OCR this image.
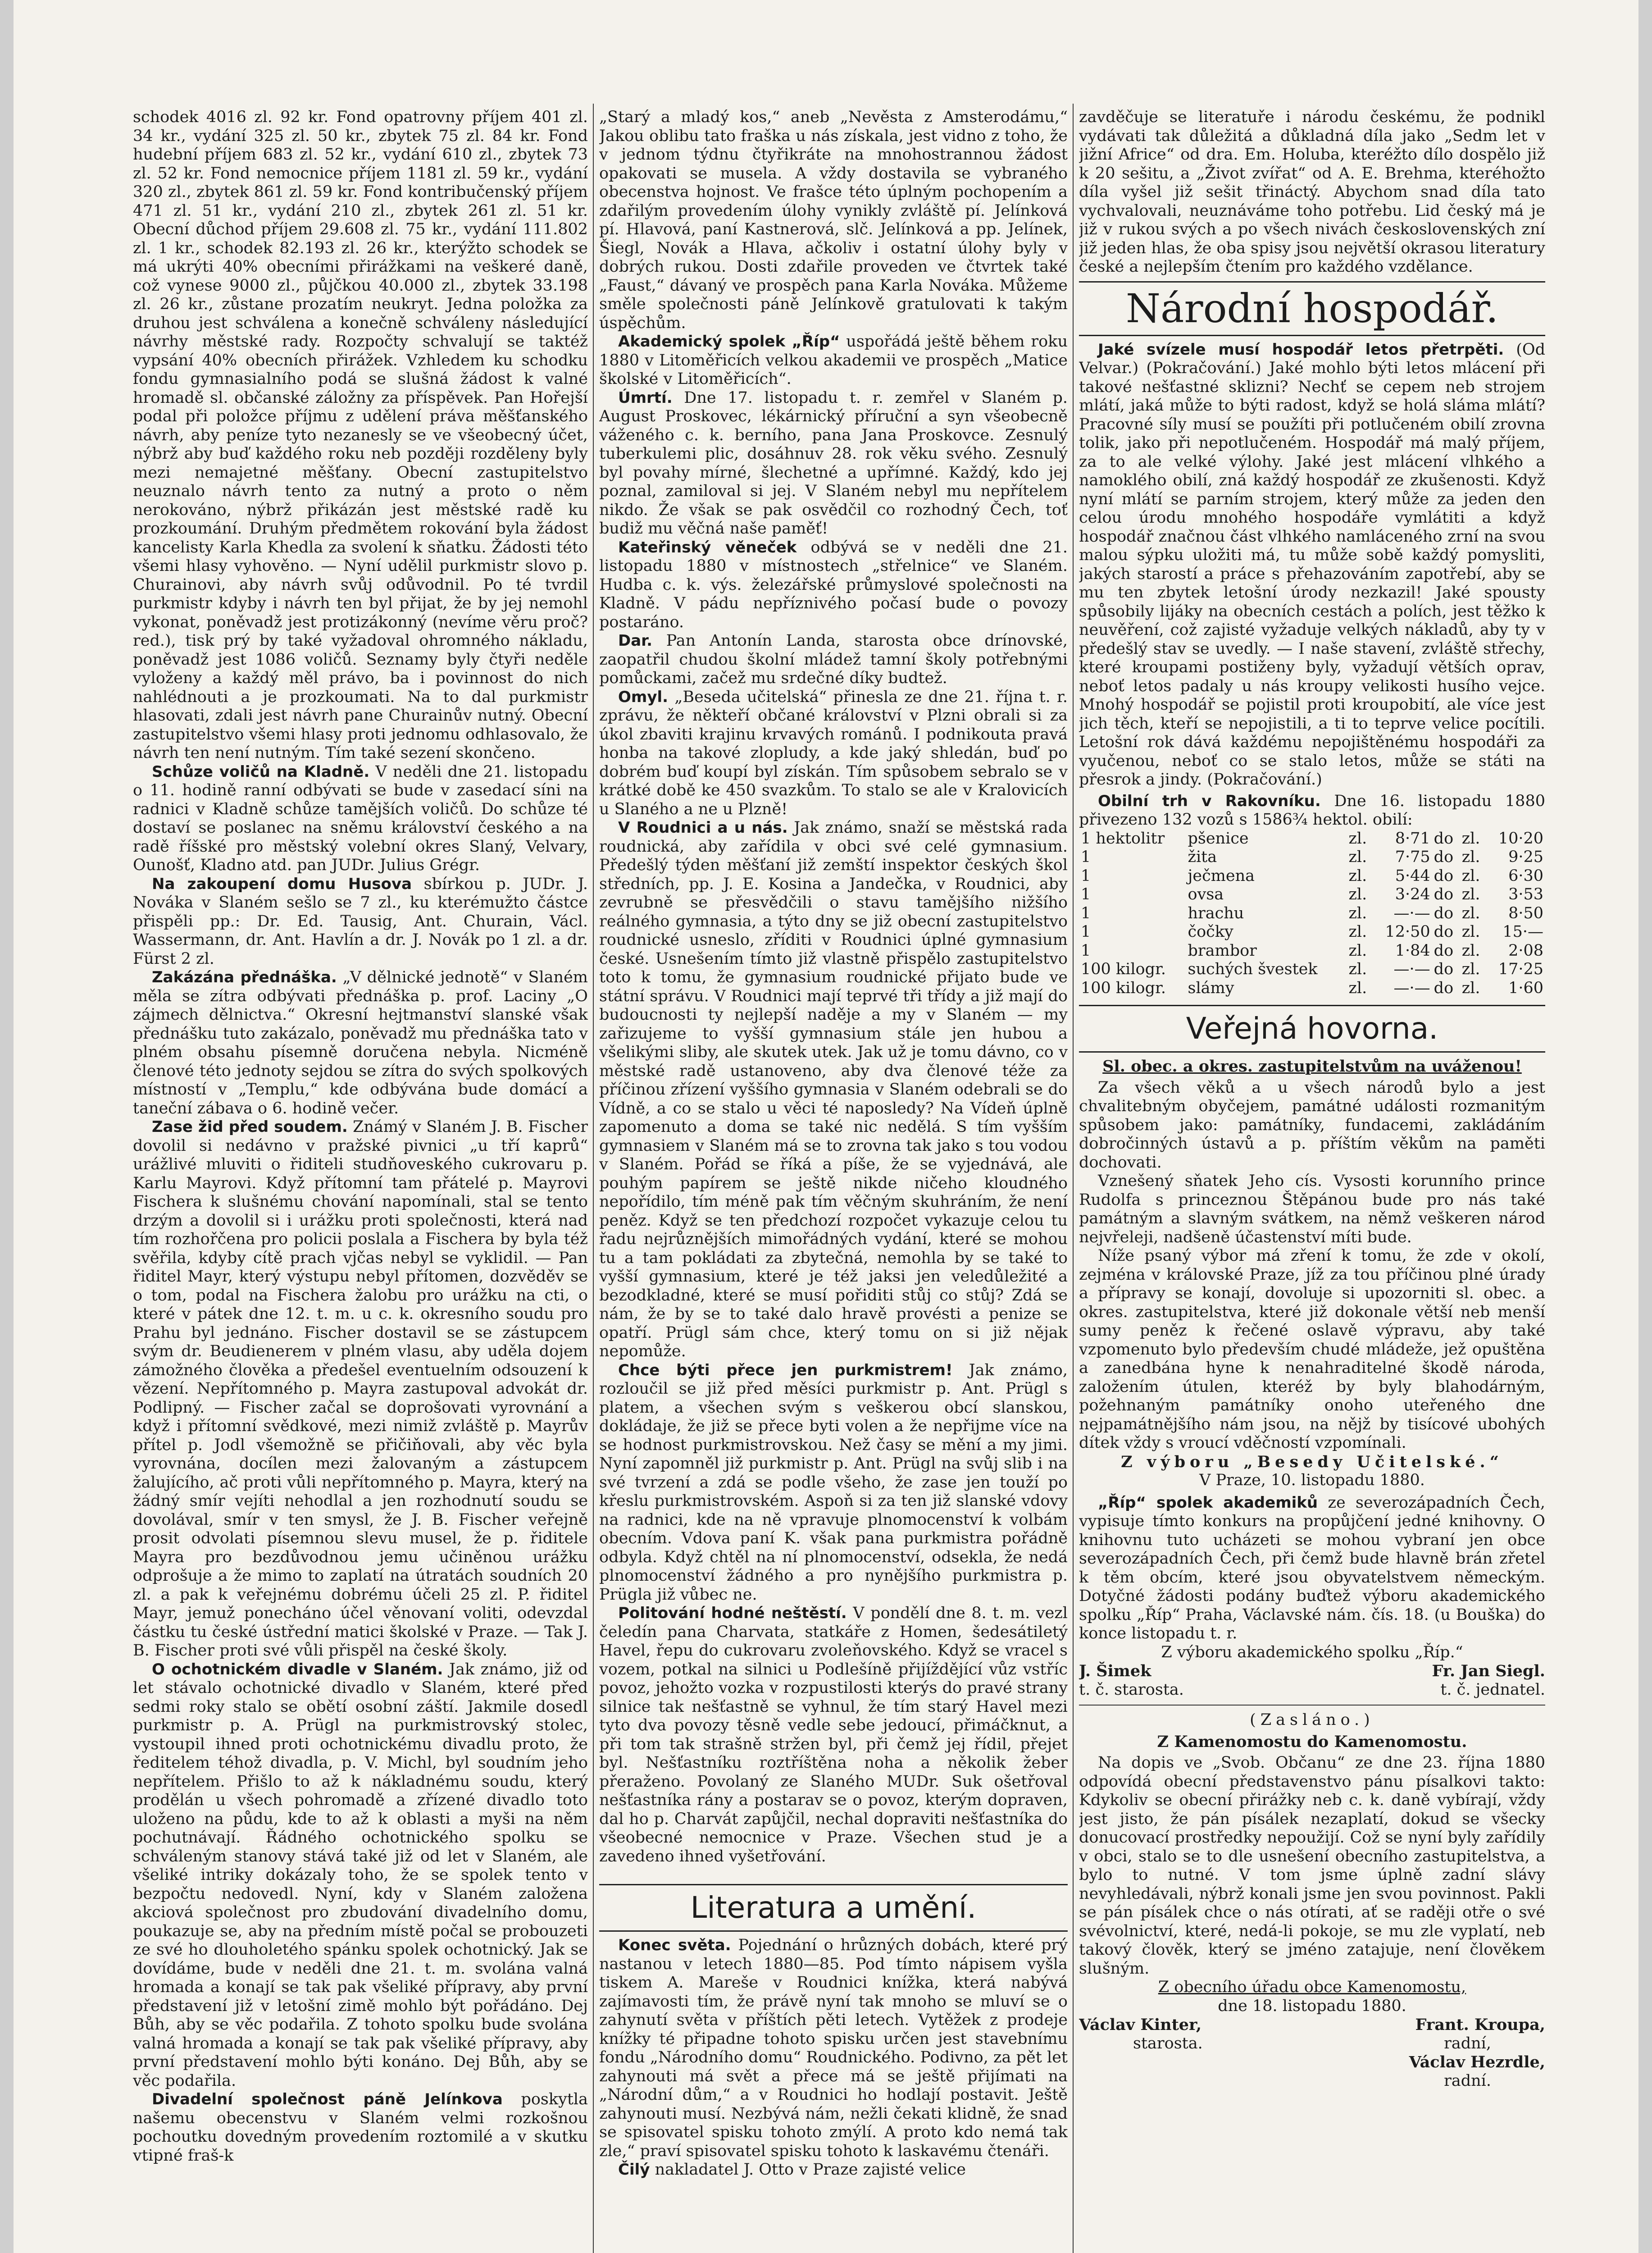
schodek 4016 zl. 92 kr. Fond opatrovny příjem 401 zl. 34 kr., vydání 325 zl. 50 kr., zbytek 75 zl. 84 kr. Fond hudební příjem 683 zl. 52 kr., vydání 610 zl., zbytek 73 zl. 52 kr. Fond nemocnice příjem 1181 zl. 59 kr., vydání 320 zl., zbytek 861 zl. 59 kr. Fond kontribučenský příjem 471 zl. 51 kr., vydání 210 zl., zbytek 261 zl. 51 kr. Obecní důchod příjem 29.608 zl. 75 kr., vydání 111.802 zl. 1 kr., schodek 82.193 zl. 26 kr., kterýžto schodek se má ukrýti 40% obecními přirážkami na veškeré daně, což vynese 9000 zl., půjčkou 40.000 zl., zbytek 33.198 zl. 26 kr., zůstane prozatím neukryt. Jedna položka za druhou jest schválena a konečně schváleny následující návrhy městské rady. Rozpočty schvalují se taktéž vypsání 40% obecních přirážek. Vzhledem ku schodku fondu gymnasialního podá se slušná žádost k valné hromadě sl. občanské záložny za příspěvek. Pan Hořejší podal při položce příjmu z udělení práva měšťanského návrh, aby peníze tyto nezanesly se ve všeobecný účet, nýbrž aby buď každého roku neb později rozděleny byly mezi nemajetné měšťany. Obecní zastupitelstvo neuznalo návrh tento za nutný a proto o něm nerokováno, nýbrž přikázán jest městské radě ku prozkoumání. Druhým předmětem rokování byla žádost kancelisty Karla Khedla za svolení k sňatku. Žádosti této všemi hlasy vyhověno. — Nyní udělil purkmistr slovo p. Churainovi, aby návrh svůj odůvodnil. Po té tvrdil purkmistr kdyby i návrh ten byl přijat, že by jej nemohl vykonat, poněvadž jest protizákonný (nevíme věru proč? red.), tisk prý by také vyžadoval ohromného nákladu, poněvadž jest 1086 voličů. Seznamy byly čtyři neděle vyloženy a každý měl právo, ba i povinnost do nich nahlédnouti a je prozkoumati. Na to dal purkmistr hlasovati, zdali jest návrh pane Churainův nutný. Obecní zastupitelstvo všemi hlasy proti jednomu odhlasovalo, že návrh ten není nutným. Tím také sezení skončeno.

Schůze voličů na Kladně. V neděli dne 21. listopadu o 11. hodině ranní odbývati se bude v zasedací síni na radnici v Kladně schůze tamějších voličů. Do schůze té dostaví se poslanec na sněmu království českého a na radě říšské pro městský volební okres Slaný, Velvary, Ounošť, Kladno atd. pan JUDr. Julius Grégr.

Na zakoupení domu Husova sbírkou p. JUDr. J. Nováka v Slaném sešlo se 7 zl., ku kterémužto částce přispěli pp.: Dr. Ed. Tausig, Ant. Churain, Václ. Wassermann, dr. Ant. Havlín a dr. J. Novák po 1 zl. a dr. Fürst 2 zl.

Zakázána přednáška. „V dělnické jednotě“ v Slaném měla se zítra odbývati přednáška p. prof. Laciny „O zájmech dělnictva.“ Okresní hejtmanství slanské však přednášku tuto zakázalo, poněvadž mu přednáška tato v plném obsahu písemně doručena nebyla. Nicméně členové této jednoty sejdou se zítra do svých spolkových místností v „Templu,“ kde odbývána bude domácí a taneční zábava o 6. hodině večer.

Zase žid před soudem. Známý v Slaném J. B. Fischer dovolil si nedávno v pražské pivnici „u tří kaprů“ urážlivé mluviti o řiditeli studňoveského cukrovaru p. Karlu Mayrovi. Když přítomní tam přátelé p. Mayrovi Fischera k slušnému chování napomínali, stal se tento drzým a dovolil si i urážku proti společnosti, která nad tím rozhořčena pro policii poslala a Fischera by byla též svěřila, kdyby cítě prach vjčas nebyl se vyklidil. — Pan řiditel Mayr, který výstupu nebyl přítomen, dozvěděv se o tom, podal na Fischera žalobu pro urážku na cti, o které v pátek dne 12. t. m. u c. k. okresního soudu pro Prahu byl jednáno. Fischer dostavil se se zástupcem svým dr. Beudienerem v plném vlasu, aby uděla dojem zámožného člověka a předešel eventuelním odsouzení k vězení. Nepřítomného p. Mayra zastupoval advokát dr. Podlipný. — Fischer začal se doprošovati vyrovnání a když i přítomní svědkové, mezi nimiž zvláště p. Mayrův přítel p. Jodl všemožně se přičiňovali, aby věc byla vyrovnána, docílen mezi žalovaným a zástupcem žalujícího, ač proti vůli nepřítomného p. Mayra, který na žádný smír vejíti nehodlal a jen rozhodnutí soudu se dovolával, smír v ten smysl, že J. B. Fischer veřejně prosit odvolati písemnou slevu musel, že p. řiditele Mayra pro bezdůvodnou jemu učiněnou urážku odprošuje a že mimo to zaplatí na útratách soudních 20 zl. a pak k veřejnému dobrému účeli 25 zl. P. řiditel Mayr, jemuž ponecháno účel věnovaní voliti, odevzdal částku tu české ústřední matici školské v Praze. — Tak J. B. Fischer proti své vůli přispěl na české školy.

O ochotnickém divadle v Slaném. Jak známo, již od let stávalo ochotnické divadlo v Slaném, které před sedmi roky stalo se obětí osobní záští. Jakmile dosedl purkmistr p. A. Prügl na purkmistrovský stolec, vystoupil ihned proti ochotnickému divadlu proto, že ředitelem téhož divadla, p. V. Michl, byl soudním jeho nepřítelem. Přišlo to až k nákladnému soudu, který prodělán u všech pohromadě a zřízené divadlo toto uloženo na půdu, kde to až k oblasti a myši na něm pochutnávají. Řádného ochotnického spolku se schváleným stanovy stává také již od let v Slaném, ale všeliké intriky dokázaly toho, že se spolek tento v bezpočtu nedovedl. Nyní, kdy v Slaném založena akciová společnost pro zbudování divadelního domu, poukazuje se, aby na předním místě počal se probouzeti ze své ho dlouholetého spánku spolek ochotnický. Jak se dovídáme, bude v neděli dne 21. t. m. svolána valná hromada a konají se tak pak všeliké přípravy, aby první představení již v letošní zimě mohlo být pořádáno. Dej Bůh, aby se věc podařila. Z tohoto spolku bude svolána valná hromada a konají se tak pak všeliké přípravy, aby první představení mohlo býti konáno. Dej Bůh, aby se věc podařila.

Divadelní společnost páně Jelínkova poskytla našemu obecenstvu v Slaném velmi rozkošnou pochoutku dovedným provedením roztomilé a v skutku vtipné fraš-k

„Starý a mladý kos,“ aneb „Nevěsta z Amsterodámu,“ Jakou oblibu tato fraška u nás získala, jest vidno z toho, že v jednom týdnu čtyřikráte na mnohostrannou žádost opakovati se musela. A vždy dostavila se vybraného obecenstva hojnost. Ve frašce této úplným pochopením a zdařilým provedením úlohy vynikly zvláště pí. Jelínková pí. Hlavová, paní Kastnerová, slč. Jelínková a pp. Jelínek, Šiegl, Novák a Hlava, ačkoliv i ostatní úlohy byly v dobrých rukou. Dosti zdařile proveden ve čtvrtek také „Faust,“ dávaný ve prospěch pana Karla Nováka. Můžeme směle společnosti páně Jelínkově gratulovati k takým úspěchům.

Akademický spolek „Říp“ uspořádá ještě během roku 1880 v Litoměřicích velkou akademii ve prospěch „Matice školské v Litoměřicích“.

Úmrtí. Dne 17. listopadu t. r. zemřel v Slaném p. August Proskovec, lékárnický příruční a syn všeobecně váženého c. k. berního, pana Jana Proskovce. Zesnulý tuberkulemi plic, dosáhnuv 28. rok věku svého. Zesnulý byl povahy mírné, šlechetné a upřímné. Každý, kdo jej poznal, zamiloval si jej. V Slaném nebyl mu nepřítelem nikdo. Že však se pak osvědčil co rozhodný Čech, toť budiž mu věčná naše paměť!

Kateřinský věneček odbývá se v neděli dne 21. listopadu 1880 v místnostech „střelnice“ ve Slaném. Hudba c. k. výs. železářské průmyslové společnosti na Kladně. V pádu nepříznivého počasí bude o povozy postaráno.

Dar. Pan Antonín Landa, starosta obce drínovské, zaopatřil chudou školní mládež tamní školy potřebnými pomůckami, začež mu srdečné díky budtež.

Omyl. „Beseda učitelská“ přinesla ze dne 21. října t. r. zprávu, že někteří občané království v Plzni obrali si za úkol zbaviti krajinu krvavých románů. I podnikouta pravá honba na takové zlopludy, a kde jaký shledán, buď po dobrém buď koupí byl získán. Tím spůsobem sebralo se v krátké době ke 450 svazkům. To stalo se ale v Kralovicích u Slaného a ne u Plzně!

V Roudnici a u nás. Jak známo, snaží se městská rada roudnická, aby zařídila v obci své celé gymnasium. Předešlý týden měšťaní již zemští inspektor českých škol středních, pp. J. E. Kosina a Jandečka, v Roudnici, aby zevrubně se přesvědčili o stavu tamějšího nižšího reálného gymnasia, a týto dny se již obecní zastupitelstvo roudnické usneslo, zříditi v Roudnici úplné gymnasium české. Usnešením tímto již vlastně přispělo zastupitelstvo toto k tomu, že gymnasium roudnické přijato bude ve státní správu. V Roudnici mají teprvé tři třídy a již mají do budoucnosti ty nejlepší naděje a my v Slaném — my zařizujeme to vyšší gymnasium stále jen hubou a všelikými sliby, ale skutek utek. Jak už je tomu dávno, co v městské radě ustanoveno, aby dva členové téže za příčinou zřízení vyššího gymnasia v Slaném odebrali se do Vídně, a co se stalo u věci té naposledy? Na Vídeň úplně zapomenuto a doma se také nic nedělá. S tím vyšším gymnasiem v Slaném má se to zrovna tak jako s tou vodou v Slaném. Pořád se říká a píše, že se vyjednává, ale pouhým papírem se ještě nikde ničeho kloudného nepořídilo, tím méně pak tím věčným skuhráním, že není peněz. Když se ten předchozí rozpočet vykazuje celou tu řadu nejrůznějších mimořádných vydání, které se mohou tu a tam pokládati za zbytečná, nemohla by se také to vyšší gymnasium, které je též jaksi jen veledůležité a bezodkladné, které se musí pořiditi stůj co stůj? Zdá se nám, že by se to také dalo hravě provésti a penize se opatří. Prügl sám chce, který tomu on si již nějak nepomůže.

Chce býti přece jen purkmistrem! Jak známo, rozloučil se již před měsíci purkmistr p. Ant. Prügl s platem, a všechen svým s veškerou obcí slanskou, dokládaje, že již se přece byti volen a že nepřijme více na se hodnost purkmistrovskou. Než časy se mění a my jimi. Nyní zapomněl již purkmistr p. Ant. Prügl na svůj slib i na své tvrzení a zdá se podle všeho, že zase jen touží po křeslu purkmistrovském. Aspoň si za ten již slanské vdovy na radnici, kde na ně vpravuje plnomocenství k volbám obecním. Vdova paní K. však pana purkmistra pořádně odbyla. Když chtěl na ní plnomocenství, odsekla, že nedá plnomocenství žádného a pro nynějšího purkmistra p. Prügla již vůbec ne.

Politování hodné neštěstí. V pondělí dne 8. t. m. vezl čeledín pana Charvata, statkáře z Homen, šedesátiletý Havel, řepu do cukrovaru zvoleňovského. Když se vracel s vozem, potkal na silnici u Podlešíně přijíždějící vůz vstříc povoz, jehožto vozka v rozpustilosti kterýs do pravé strany silnice tak nešťastně se vyhnul, že tím starý Havel mezi tyto dva povozy těsně vedle sebe jedoucí, přimáčknut, a při tom tak strašně stržen byl, při čemž jej řídil, přejet byl. Nešťastníku roztříštěna noha a několik žeber přeraženo. Povolaný ze Slaného MUDr. Suk ošetřoval nešťastníka rány a postarav se o povoz, kterým dopraven, dal ho p. Charvát zapůjčil, nechal dopraviti nešťastníka do všeobecné nemocnice v Praze. Všechen stud je a zavedeno ihned vyšetřování.

Literatura a umění.

Konec světa. Pojednání o hrůzných dobách, které prý nastanou v letech 1880—85. Pod tímto nápisem vyšla tiskem A. Mareše v Roudnici knížka, která nabývá zajímavosti tím, že právě nyní tak mnoho se mluví se o zahynutí světa v příštích pěti letech. Vytěžek z prodeje knížky té připadne tohoto spisku určen jest stavebnímu fondu „Národního domu“ Roudnického. Podivno, za pět let zahynouti má svět a přece má se ještě přijímati na „Národní dům,“ a v Roudnici ho hodlají postavit. Ještě zahynouti musí. Nezbývá nám, nežli čekati klidně, že snad se spisovatel spisku tohoto zmýlí. A proto kdo nemá tak zle,“ praví spisovatel spisku tohoto k laskavému čtenáři.

Čilý nakladatel J. Otto v Praze zajisté velice

zavděčuje se literatuře i národu českému, že podnikl vydávati tak důležitá a důkladná díla jako „Sedm let v jižní Africe“ od dra. Em. Holuba, kteréžto dílo dospělo již k 20 sešitu, a „Život zvířat“ od A. E. Brehma, kteréhožto díla vyšel již sešit třináctý. Abychom snad díla tato vychvalovali, neuznáváme toho potřebu. Lid český má je již v rukou svých a po všech nivách československých zní již jeden hlas, že oba spisy jsou největší okrasou literatury české a nejlepším čtením pro každého vzdělance.

Národní hospodář.

Jaké svízele musí hospodář letos přetrpěti. (Od Velvar.) (Pokračování.) Jaké mohlo býti letos mlácení při takové nešťastné sklizni? Nechť se cepem neb strojem mlátí, jaká může to býti radost, když se holá sláma mlátí? Pracovné síly musí se použíti při potlučeném obilí zrovna tolik, jako při nepotlučeném. Hospodář má malý příjem, za to ale velké výlohy. Jaké jest mlácení vlhkého a namoklého obilí, zná každý hospodář ze zkušenosti. Když nyní mlátí se parním strojem, který může za jeden den celou úrodu mnohého hospodáře vymlátiti a když hospodář značnou část vlhkého namláceného zrní na svou malou sýpku uložiti má, tu může sobě každý pomysliti, jakých starostí a práce s přehazováním zapotřebí, aby se mu ten zbytek letošní úrody nezkazil! Jaké spousty spůsobily lijáky na obecních cestách a polích, jest těžko k neuvěření, což zajisté vyžaduje velkých nákladů, aby ty v předešlý stav se uvedly. — I naše stavení, zvláště střechy, které kroupami postiženy byly, vyžadují větších oprav, neboť letos padaly u nás kroupy velikosti husího vejce. Mnohý hospodář se pojistil proti kroupobití, ale více jest jich těch, kteří se nepojistili, a ti to teprve velice pocítili. Letošní rok dává každému nepojištěnému hospodáři za vyučenou, neboť co se stalo letos, může se státi na přesrok a jindy. (Pokračování.)

Obilní trh v Rakovníku. Dne 16. listopadu 1880 přivezeno 132 vozů s 1586¾ hektol. obilí:

1 hektolitr	pšenice	zl.	8·71	do	zl.	10·20
1	žita	zl.	7·75	do	zl.	9·25
1	ječmena	zl.	5·44	do	zl.	6·30
1	ovsa	zl.	3·24	do	zl.	3·53
1	hrachu	zl.	—·—	do	zl.	8·50
1	čočky	zl.	12·50	do	zl.	15·—
1	brambor	zl.	1·84	do	zl.	2·08
100 kilogr.	suchých švestek	zl.	—·—	do	zl.	17·25
100 kilogr.	slámy	zl.	—·—	do	zl.	1·60
Veřejná hovorna.
Sl. obec. a okres. zastupitelstvům na uváženou!

Za všech věků a u všech národů bylo a jest chvalitebným obyčejem, památné události rozmanitým spůsobem jako: památníky, fundacemi, zakládáním dobročinných ústavů a p. příštím věkům na paměti dochovati.

Vznešený sňatek Jeho cís. Vysosti korunního prince Rudolfa s princeznou Štěpánou bude pro nás také památným a slavným svátkem, na němž veškeren národ nejvřeleji, nadšeně účastenství míti bude.

Níže psaný výbor má zření k tomu, že zde v okolí, zejména v královské Praze, jíž za tou příčinou plné úrady a přípravy se konají, dovoluje si upozorniti sl. obec. a okres. zastupitelstva, které již dokonale větší neb menší sumy peněz k řečené oslavě výpravu, aby také vzpomenuto bylo především chudé mládeže, jež opuštěna a zanedbána hyne k nenahraditelné škodě národa, založením útulen, kteréž by byly blahodárným, požehnaným památníky onoho uteřeného dne nejpamátnějšího nám jsou, na nějž by tisícové ubohých dítek vždy s vroucí vděčností vzpomínali.

Z výboru „Besedy Učitelské.“

V Praze, 10. listopadu 1880.

„Říp“ spolek akademiků ze severozápadních Čech, vypisuje tímto konkurs na propůjčení jedné knihovny. O knihovnu tuto ucházeti se mohou vybraní jen obce severozápadních Čech, při čemž bude hlavně brán zřetel k těm obcím, které jsou obyvatelstvem německým. Dotyčné žádosti podány buďtež výboru akademického spolku „Říp“ Praha, Václavské nám. čís. 18. (u Bouška) do konce listopadu t. r.

Z výboru akademického spolku „Říp.“

J. Šimek	Fr. Jan Siegl.
t. č. starosta.	t. č. jednatel.

(Zasláno.)

Z Kamenomostu do Kamenomostu.

Na dopis ve „Svob. Občanu“ ze dne 23. října 1880 odpovídá obecní představenstvo pánu písalkovi takto: Kdykoliv se obecní přirážky neb c. k. daně vybírají, vždy jest jisto, že pán písálek nezaplatí, dokud se všecky donucovací prostředky nepoužijí. Což se nyní byly zařídily v obci, stalo se to dle usnešení obecního zastupitelstva, a bylo to nutné. V tom jsme úplně zadní slávy nevyhledávali, nýbrž konali jsme jen svou povinnost. Pakli se pán písálek chce o nás otírati, ať se raději otře o své svévolnictví, které, nedá-li pokoje, se mu zle vyplatí, neb takový člověk, který se jméno zatajuje, není člověkem slušným.

Z obecního úřadu obce Kamenomostu,

dne 18. listopadu 1880.

Václav Kinter,	Frant. Kroupa,
starosta.	radní,
Václav Hezrdle,
radní.
